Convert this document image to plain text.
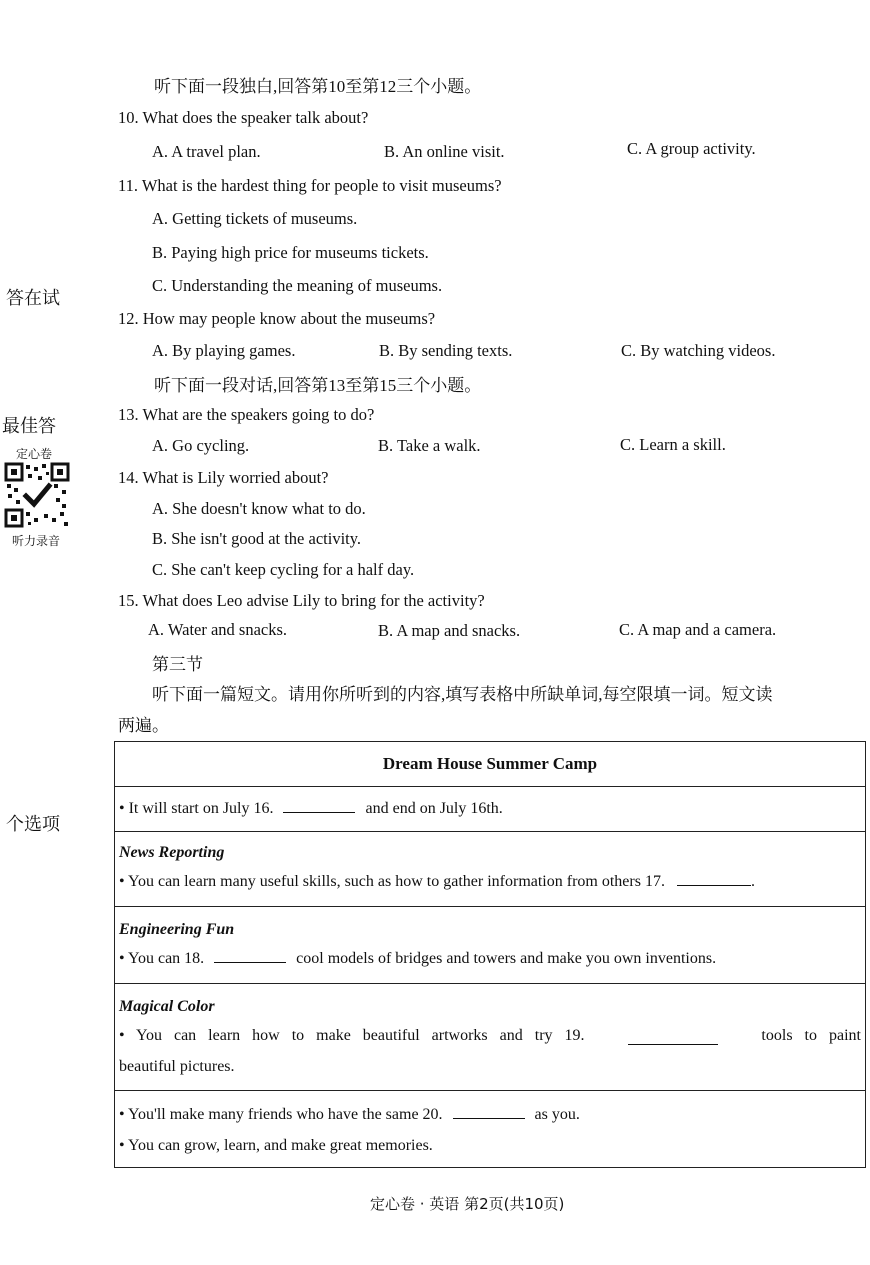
答在试
最佳答
定心卷
听力录音
个选项
听下面一段独白,回答第10至第12三个小题。
10. What does the speaker talk about?
A. A travel plan.	B. An online visit.	C. A group activity.
11. What is the hardest thing for people to visit museums?
A. Getting tickets of museums.
B. Paying high price for museums tickets.
C. Understanding the meaning of museums.
12. How may people know about the museums?
A. By playing games.	B. By sending texts.	C. By watching videos.
听下面一段对话,回答第13至第15三个小题。
13. What are the speakers going to do?
A. Go cycling.	B. Take a walk.	C. Learn a skill.
14. What is Lily worried about?
A. She doesn't know what to do.
B. She isn't good at the activity.
C. She can't keep cycling for a half day.
15. What does Leo advise Lily to bring for the activity?
A. Water and snacks.	B. A map and snacks.	C. A map and a camera.
第三节
听下面一篇短文。请用你所听到的内容,填写表格中所缺单词,每空限填一词。短文读
两遍。
Dream House Summer Camp

• It will start on July 16.	and end on July 16th.

News Reporting
• You can learn many useful skills, such as how to gather information from others 17.	.

Engineering Fun
• You can 18.	cool models of bridges and towers and make you own inventions.

Magical Color
• You can learn how to make beautiful artworks and try 19.	tools to paint
beautiful pictures.

• You'll make many friends who have the same 20.	as you.
• You can grow, learn, and make great memories.
定心卷 · 英语 第2页(共10页)
